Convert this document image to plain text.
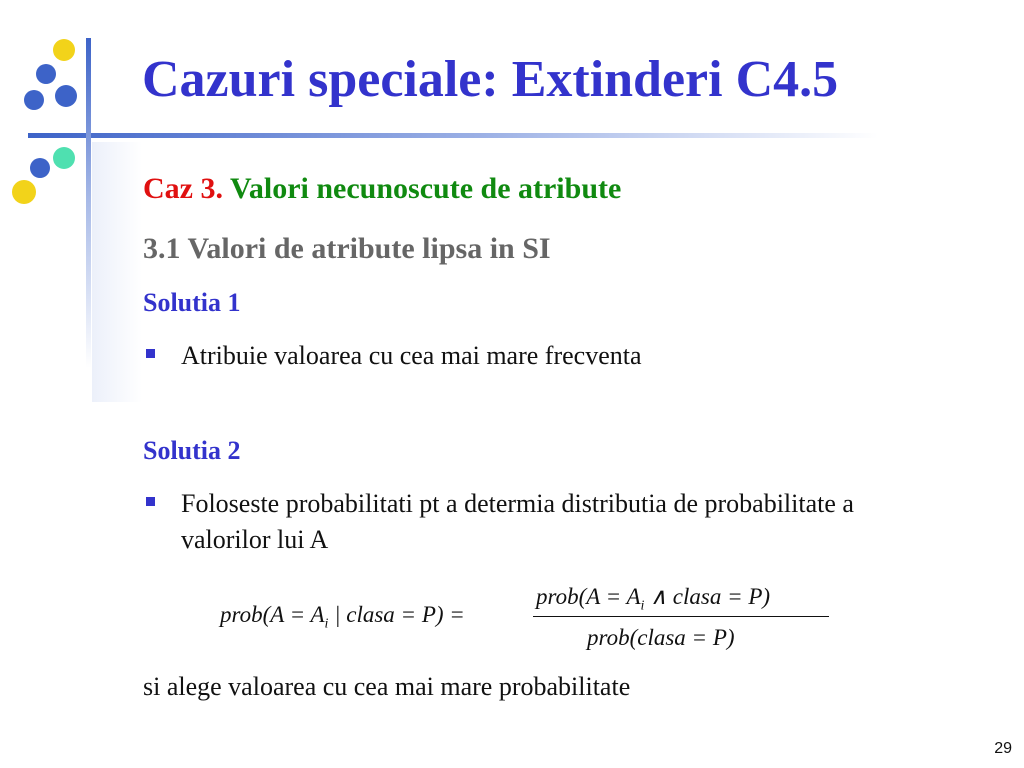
Cazuri speciale: Extinderi C4.5
Caz 3. Valori necunoscute de atribute
3.1 Valori de atribute lipsa in SI
Solutia 1
Atribuie valoarea cu cea mai mare frecventa
Solutia 2
Foloseste probabilitati pt a determia distributia de probabilitate a valorilor lui A
prob(A = $A_i$ | clasa = P) =
prob(A = $A_i$ ∧ clasa = P)
prob(clasa = P)
si alege valoarea cu cea mai mare probabilitate
29
